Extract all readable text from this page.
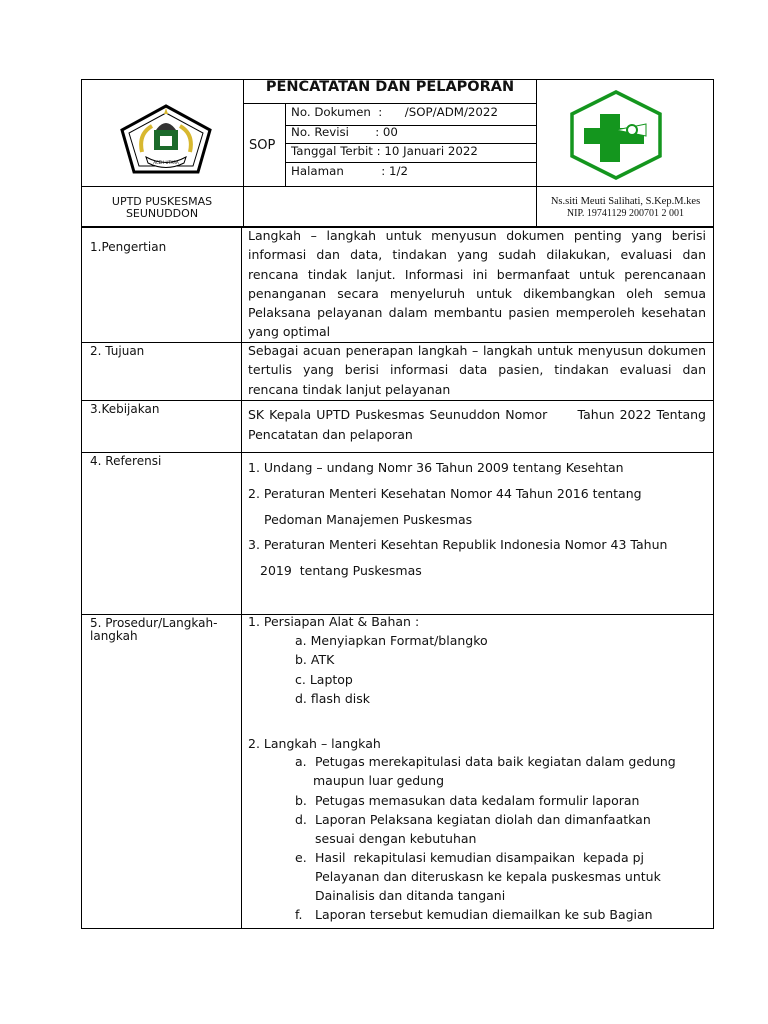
PENCATATAN DAN PELAPORAN
SOP
No. Dokumen  :      /SOP/ADM/2022
No. Revisi       : 00
Tanggal Terbit : 10 Januari 2022
Halaman          : 1/2
ACEH UTARA
UPTD PUSKESMAS
SEUNUDDON
Ns.siti Meuti Salihati, S.Kep.M.kes
NIP. 19741129 200701 2 001
1.Pengertian
2. Tujuan
3.Kebijakan
4. Referensi
5. Prosedur/Langkah-
langkah
Langkah – langkah untuk menyusun dokumen penting yang berisi
informasi dan data, tindakan yang sudah dilakukan, evaluasi dan
rencana tindak lanjut. Informasi ini bermanfaat untuk perencanaan
penanganan secara menyeluruh untuk dikembangkan oleh semua
Pelaksana pelayanan dalam membantu pasien memperoleh kesehatan
yang optimal
Sebagai acuan penerapan langkah – langkah untuk menyusun dokumen
tertulis yang berisi informasi data pasien, tindakan evaluasi dan
rencana tindak lanjut pelayanan
SK Kepala UPTD Puskesmas Seunuddon Nomor      Tahun 2022 Tentang
Pencatatan dan pelaporan
1. Undang – undang Nomr 36 Tahun 2009 tentang Kesehtan
2. Peraturan Menteri Kesehatan Nomor 44 Tahun 2016 tentang
Pedoman Manajemen Puskesmas
3. Peraturan Menteri Kesehtan Republik Indonesia Nomor 43 Tahun
2019  tentang Puskesmas
1. Persiapan Alat & Bahan :
a. Menyiapkan Format/blangko
b. ATK
c. Laptop
d. flash disk
2. Langkah – langkah
a. Petugas merekapitulasi data baik kegiatan dalam gedung
maupun luar gedung
b. Petugas memasukan data kedalam formulir laporan
d. Laporan Pelaksana kegiatan diolah dan dimanfaatkan
sesuai dengan kebutuhan
e. Hasil  rekapitulasi kemudian disampaikan  kepada pj
Pelayanan dan diteruskasn ke kepala puskesmas untuk
Dainalisis dan ditanda tangani
f. Laporan tersebut kemudian diemailkan ke sub Bagian
